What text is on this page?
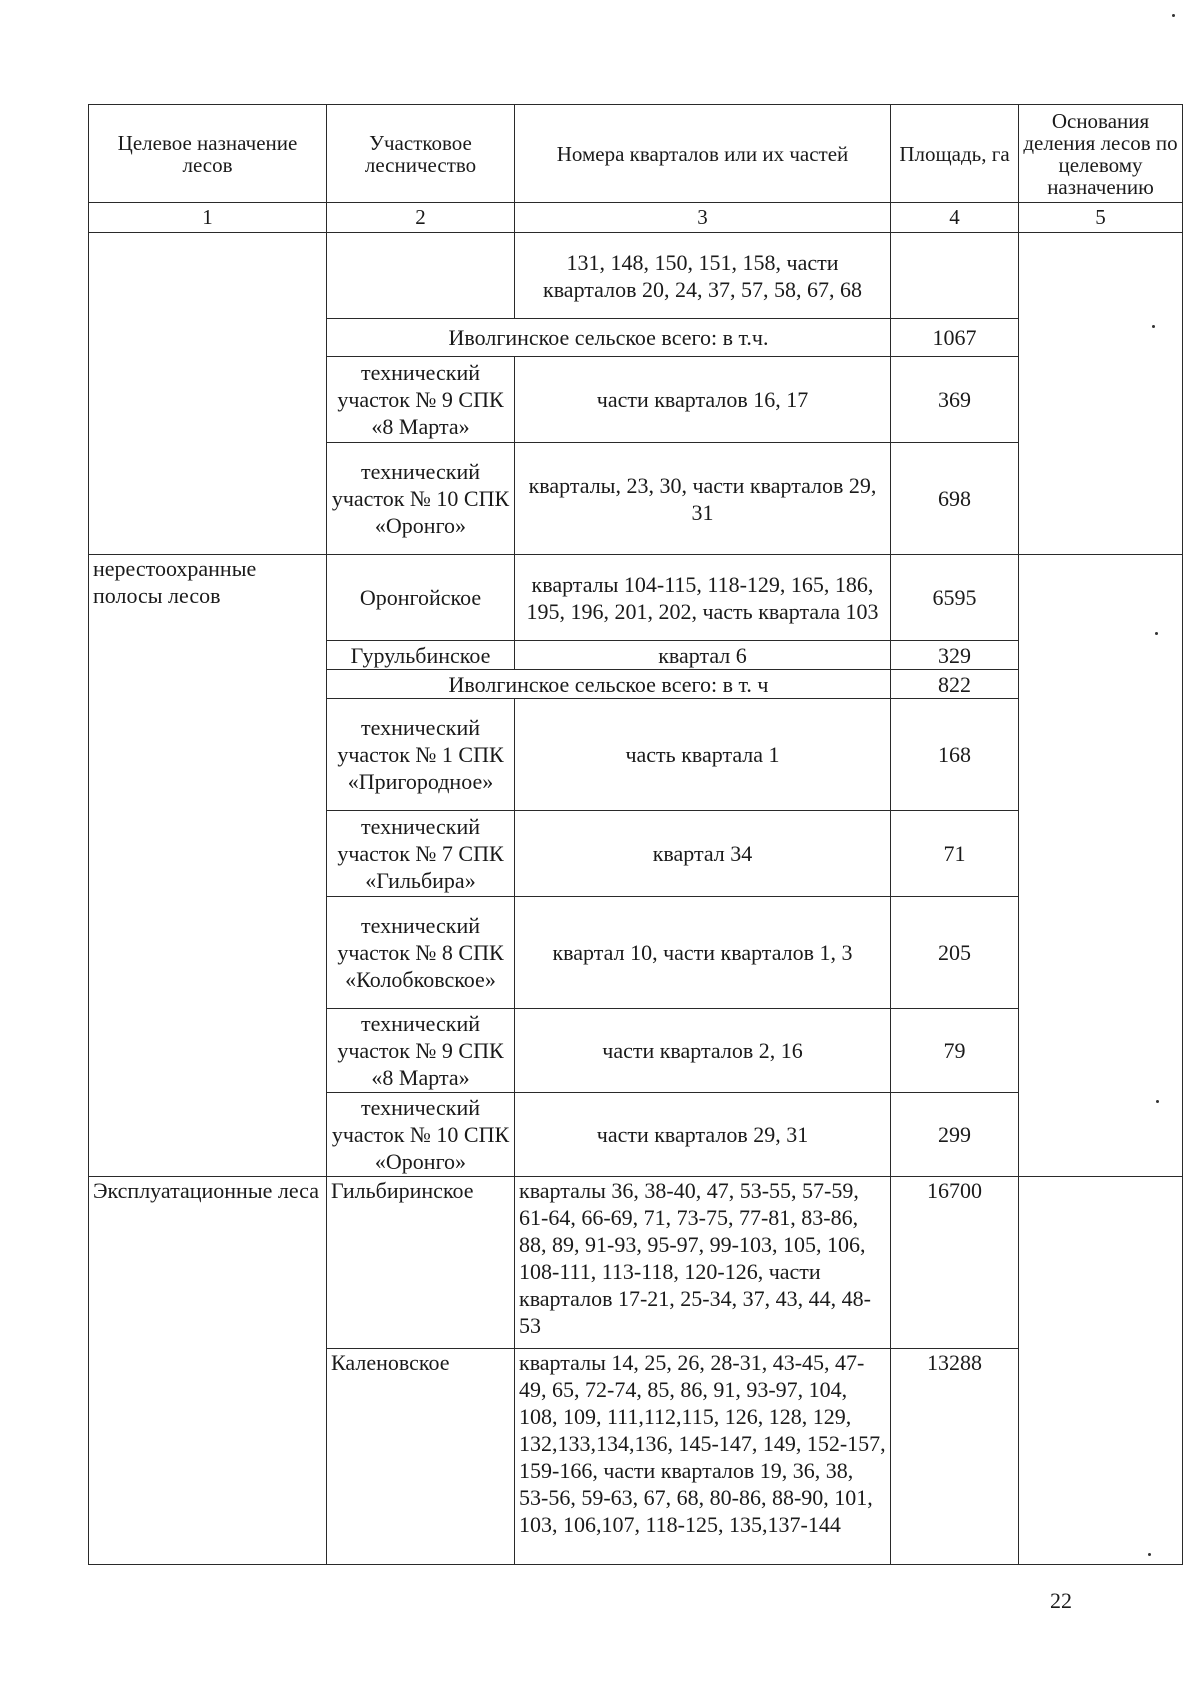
Целевое назначение лесов	Участковое лесничество	Номера кварталов или их частей	Площадь, га	Основания деления лесов по целевому назначению
1	2	3	4	5
		131, 148, 150, 151, 158, части кварталов 20, 24, 37, 57, 58, 67, 68		
	Иволгинское сельское всего: в т.ч.		1067	
	технический участок № 9 СПК «8 Марта»	части кварталов 16, 17	369	
	технический участок № 10 СПК «Оронго»	кварталы, 23, 30, части кварталов 29, 31	698	
нерестоохранные полосы лесов	Оронгойское	кварталы 104-115, 118-129, 165, 186, 195, 196, 201, 202, часть квартала 103	6595	
	Гурульбинское	квартал 6	329	
	Иволгинское сельское всего: в т. ч		822	
	технический участок № 1 СПК «Пригородное»	часть квартала 1	168	
	технический участок № 7 СПК «Гильбира»	квартал 34	71	
	технический участок № 8 СПК «Колобковское»	квартал 10, части кварталов 1, 3	205	
	технический участок № 9 СПК «8 Марта»	части кварталов 2, 16	79	
	технический участок № 10 СПК «Оронго»	части кварталов 29, 31	299	
Эксплуатационные леса	Гильбиринское	кварталы 36, 38-40, 47, 53-55, 57-59, 61-64, 66-69, 71, 73-75, 77-81, 83-86, 88, 89, 91-93, 95-97, 99-103, 105, 106, 108-111, 113-118, 120-126, части кварталов 17-21, 25-34, 37, 43, 44, 48-53	16700	
	Каленовское	кварталы 14, 25, 26, 28-31, 43-45, 47-49, 65, 72-74, 85, 86, 91, 93-97, 104, 108, 109, 111,112,115, 126, 128, 129, 132,133,134,136, 145-147, 149, 152-157, 159-166, части кварталов 19, 36, 38, 53-56, 59-63, 67, 68, 80-86, 88-90, 101, 103, 106,107, 118-125, 135,137-144	13288	
22
